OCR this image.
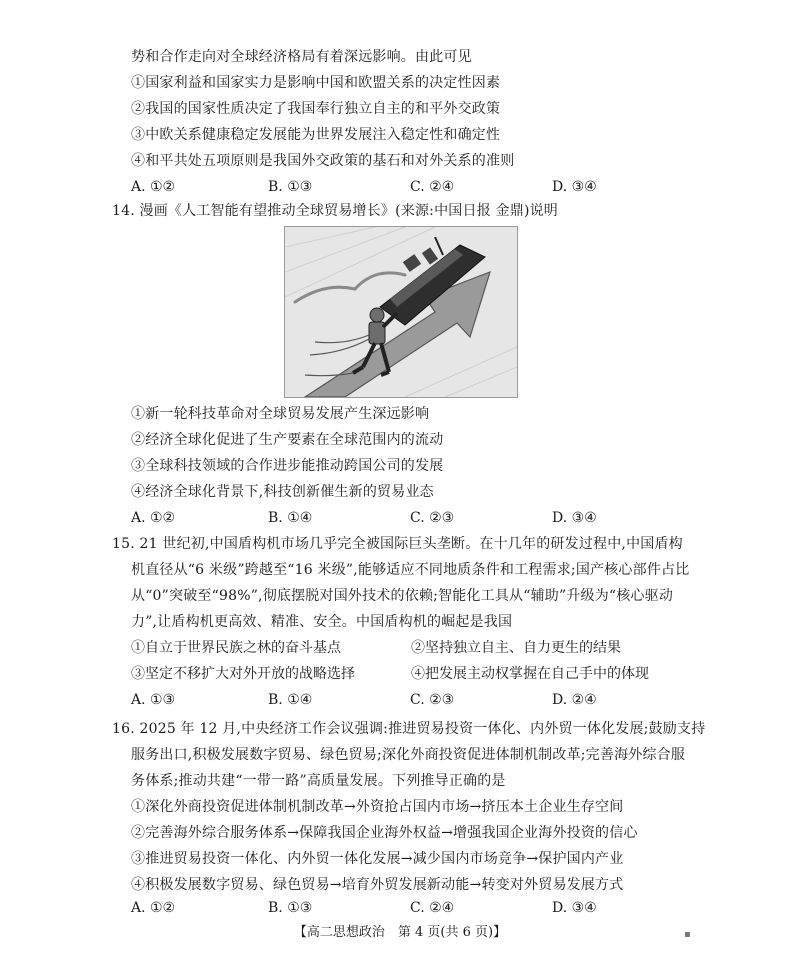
势和合作走向对全球经济格局有着深远影响。由此可见
①国家利益和国家实力是影响中国和欧盟关系的决定性因素
②我国的国家性质决定了我国奉行独立自主的和平外交政策
③中欧关系健康稳定发展能为世界发展注入稳定性和确定性
④和平共处五项原则是我国外交政策的基石和对外关系的准则
A. ①②	B. ①③	C. ②④	D. ③④
14. 漫画《人工智能有望推动全球贸易增长》(来源:中国日报 金鼎)说明
①新一轮科技革命对全球贸易发展产生深远影响
②经济全球化促进了生产要素在全球范围内的流动
③全球科技领域的合作进步能推动跨国公司的发展
④经济全球化背景下,科技创新催生新的贸易业态
A. ①②	B. ①④	C. ②③	D. ③④
15. 21 世纪初,中国盾构机市场几乎完全被国际巨头垄断。在十几年的研发过程中,中国盾构
机直径从“6 米级”跨越至“16 米级”,能够适应不同地质条件和工程需求;国产核心部件占比
从“0”突破至“98%”,彻底摆脱对国外技术的依赖;智能化工具从“辅助”升级为“核心驱动
力”,让盾构机更高效、精准、安全。中国盾构机的崛起是我国
①自立于世界民族之林的奋斗基点	②坚持独立自主、自力更生的结果
③坚定不移扩大对外开放的战略选择	④把发展主动权掌握在自己手中的体现
A. ①③	B. ①④	C. ②③	D. ②④
16. 2025 年 12 月,中央经济工作会议强调:推进贸易投资一体化、内外贸一体化发展;鼓励支持
服务出口,积极发展数字贸易、绿色贸易;深化外商投资促进体制机制改革;完善海外综合服
务体系;推动共建“一带一路”高质量发展。下列推导正确的是
①深化外商投资促进体制机制改革→外资抢占国内市场→挤压本土企业生存空间
②完善海外综合服务体系→保障我国企业海外权益→增强我国企业海外投资的信心
③推进贸易投资一体化、内外贸一体化发展→减少国内市场竞争→保护国内产业
④积极发展数字贸易、绿色贸易→培育外贸发展新动能→转变对外贸易发展方式
A. ①②	B. ①③	C. ②④	D. ③④
【高二思想政治　第 4 页(共 6 页)】	▪
